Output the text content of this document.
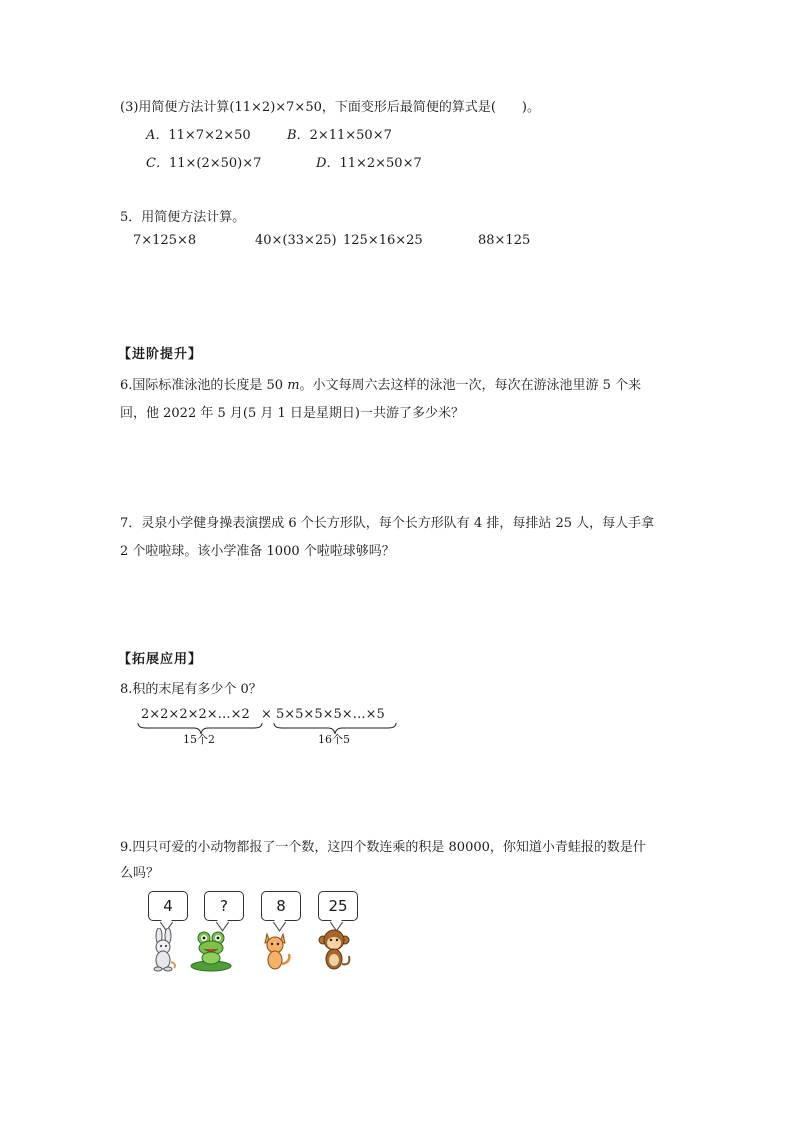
(3)用简便方法计算(11×2)×7×50，下面变形后最简便的算式是(　　)。
A．11×7×2×50	B．2×11×50×7
C．11×(2×50)×7	D．11×2×50×7
5．用简便方法计算。
7×125×8	40×(33×25) 125×16×25	88×125
【进阶提升】
6.国际标准泳池的长度是 50 m。小文每周六去这样的泳池一次，每次在游泳池里游 5 个来
回，他 2022 年 5 月(5 月 1 日是星期日)一共游了多少米？
7．灵泉小学健身操表演摆成 6 个长方形队，每个长方形队有 4 排，每排站 25 人，每人手拿
2 个啦啦球。该小学准备 1000 个啦啦球够吗？
【拓展应用】
8.积的末尾有多少个 0？
2×2×2×2×…×2 × 5×5×5×5×…×5
15个2	16个5
9.四只可爱的小动物都报了一个数，这四个数连乘的积是 80000，你知道小青蛙报的数是什
么吗？
4	?	8	25
